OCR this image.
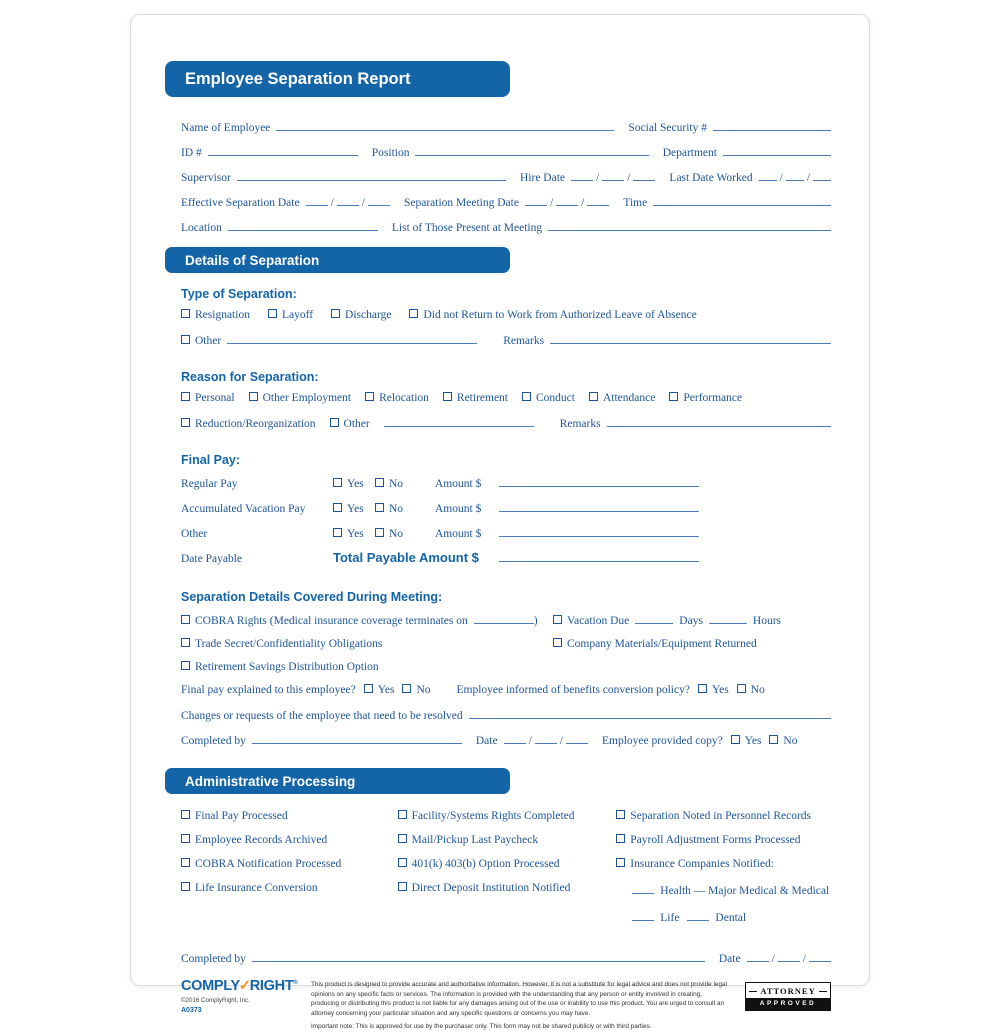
Employee Separation Report
Name of Employee	Social Security #
ID #	Position	Department
Supervisor	Hire Date	/ /	Last Date Worked / /
Effective Separation Date	/ /	Separation Meeting Date	/ /	Time
Location	List of Those Present at Meeting
Details of Separation
Type of Separation:
Resignation	Layoff	Discharge	Did not Return to Work from Authorized Leave of Absence
Other	Remarks
Reason for Separation:
Personal Other Employment Relocation Retirement Conduct Attendance Performance
Reduction/Reorganization Other	Remarks
Final Pay:
Regular Pay	Yes No	Amount $
Accumulated Vacation Pay	Yes No	Amount $
Other	Yes No	Amount $
Date Payable	Total Payable Amount $
Separation Details Covered During Meeting:
COBRA Rights (Medical insurance coverage terminates on	)	Vacation Due	Days	Hours
Trade Secret/Confidentiality Obligations	Company Materials/Equipment Returned
Retirement Savings Distribution Option
Final pay explained to this employee? Yes No Employee informed of benefits conversion policy? Yes No
Changes or requests of the employee that need to be resolved
Completed by	Date	/ /	Employee provided copy? Yes No
Administrative Processing
Final Pay Processed
Employee Records Archived
COBRA Notification Processed
Life Insurance Conversion
Facility/Systems Rights Completed
Mail/Pickup Last Paycheck
401(k) 403(b) Option Processed
Direct Deposit Institution Notified
Separation Noted in Personnel Records
Payroll Adjustment Forms Processed
Insurance Companies Notified:
Health — Major Medical & Medical
Life	Dental
Completed by	Date	/ /
COMPLY✓RIGHT®
©2016 ComplyRight, Inc.
A0373
This product is designed to provide accurate and authoritative information. However, it is not a substitute for legal advice and does not provide legal opinions on any specific facts or services. The information is provided with the understanding that any person or entity involved in creating, producing or distributing this product is not liable for any damages arising out of the use or inability to use this product. You are urged to consult an attorney concerning your particular situation and any specific questions or concerns you may have.
Important note: This is approved for use by the purchaser only. This form may not be shared publicly or with third parties.
ATTORNEY
APPROVED
